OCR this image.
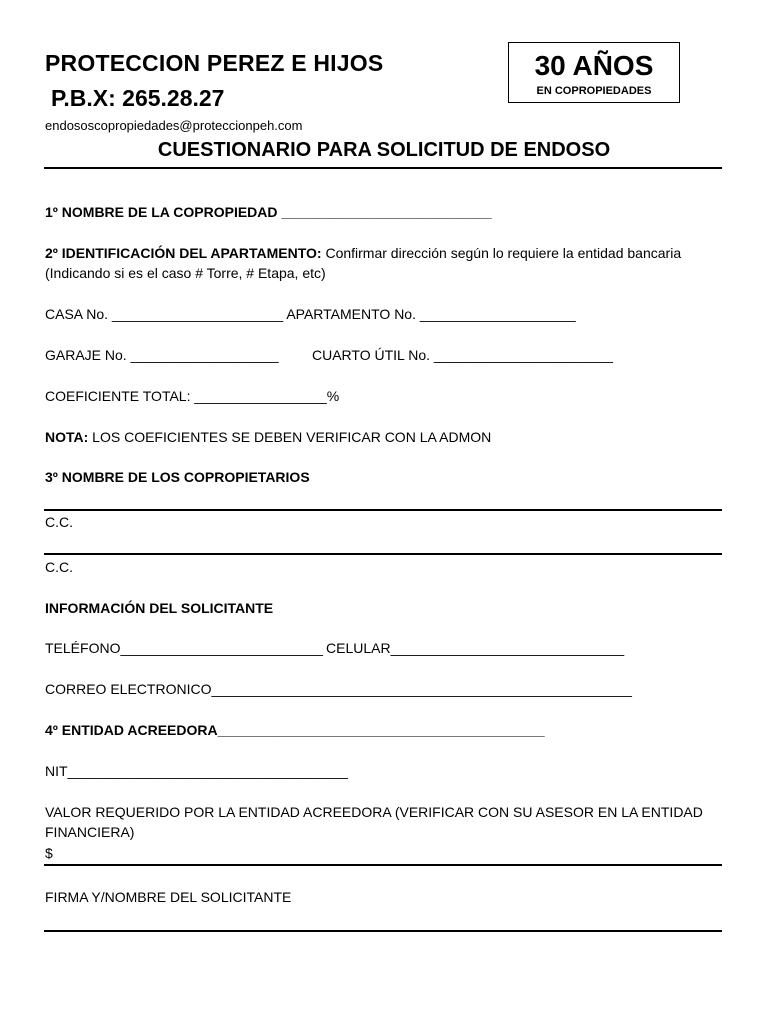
PROTECCION PEREZ E HIJOS
P.B.X: 265.28.27
endososcopropiedades@proteccionpeh.com
30 AÑOS
EN COPROPIEDADES
CUESTIONARIO PARA SOLICITUD DE ENDOSO
1º NOMBRE DE LA COPROPIEDAD ___________________________
2º IDENTIFICACIÓN DEL APARTAMENTO: Confirmar dirección según lo requiere la entidad bancaria
(Indicando si es el caso # Torre, # Etapa, etc)
CASA No. ______________________ APARTAMENTO No. ____________________
GARAJE No. ___________________ CUARTO ÚTIL No. _______________________
COEFICIENTE TOTAL: _________________%
NOTA: LOS COEFICIENTES SE DEBEN VERIFICAR CON LA ADMON
3º NOMBRE DE LOS COPROPIETARIOS
C.C.
C.C.
INFORMACIÓN DEL SOLICITANTE
TELÉFONO__________________________ CELULAR______________________________
CORREO ELECTRONICO______________________________________________________
4º ENTIDAD ACREEDORA__________________________________________
NIT____________________________________
VALOR REQUERIDO POR LA ENTIDAD ACREEDORA (VERIFICAR CON SU ASESOR EN LA ENTIDAD
FINANCIERA)
$
FIRMA Y/NOMBRE DEL SOLICITANTE
